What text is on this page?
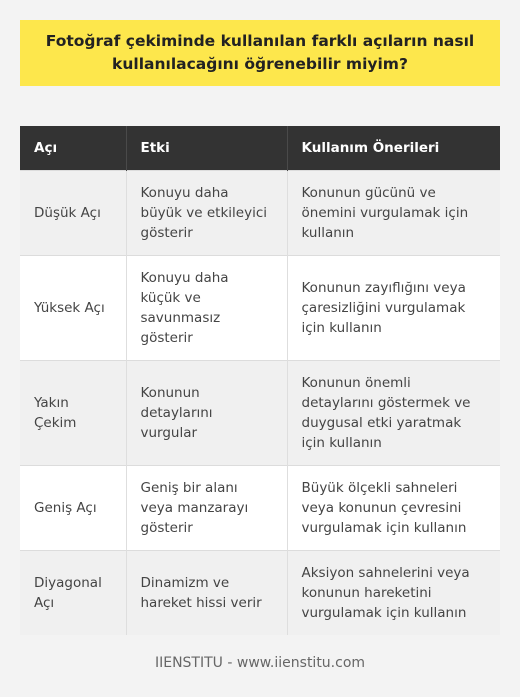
Fotoğraf çekiminde kullanılan farklı açıların nasıl kullanılacağını öğrenebilir miyim?
Açı	Etki	Kullanım Önerileri
Düşük Açı	Konuyu daha büyük ve etkileyici gösterir	Konunun gücünü ve önemini vurgulamak için kullanın
Yüksek Açı	Konuyu daha küçük ve savunmasız gösterir	Konunun zayıflığını veya çaresizliğini vurgulamak için kullanın
Yakın Çekim	Konunun detaylarını vurgular	Konunun önemli detaylarını göstermek ve duygusal etki yaratmak için kullanın
Geniş Açı	Geniş bir alanı veya manzarayı gösterir	Büyük ölçekli sahneleri veya konunun çevresini vurgulamak için kullanın
Diyagonal Açı	Dinamizm ve hareket hissi verir	Aksiyon sahnelerini veya konunun hareketini vurgulamak için kullanın
IIENSTITU - www.iienstitu.com
